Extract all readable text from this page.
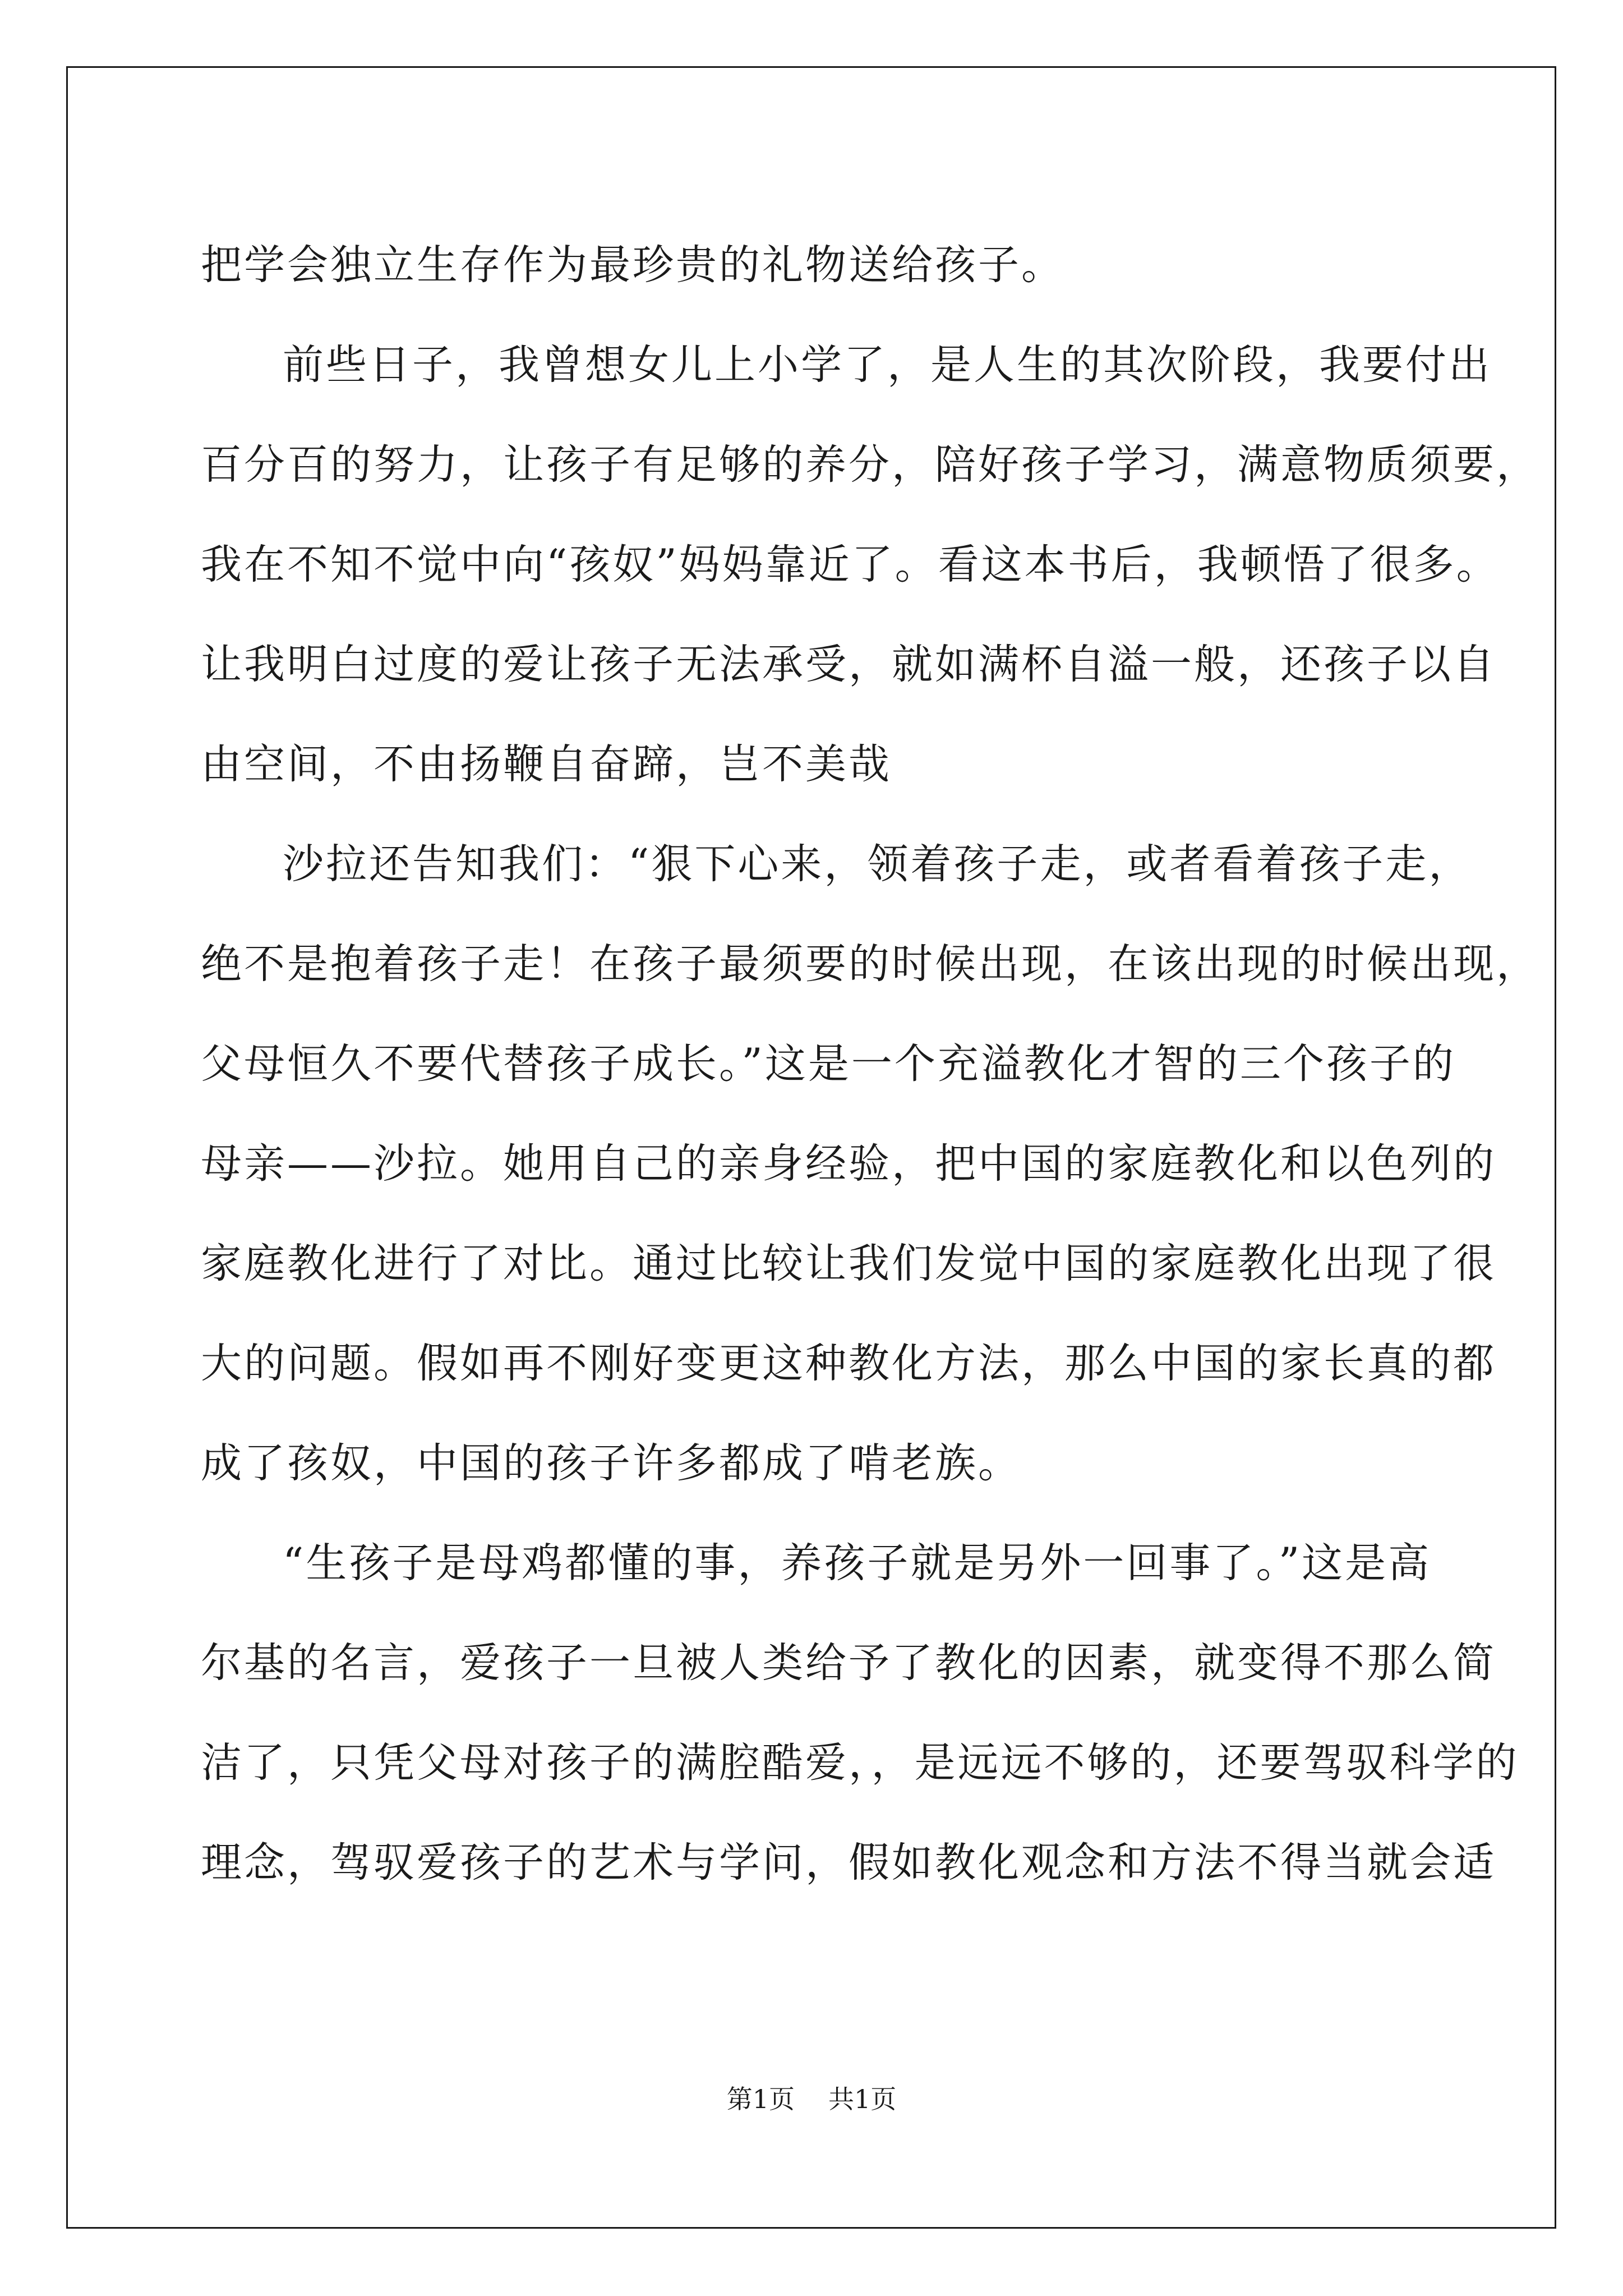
把学会独立生存作为最珍贵的礼物送给孩子。
前些日子，我曾想女儿上小学了，是人生的其次阶段，我要付出
百分百的努力，让孩子有足够的养分，陪好孩子学习，满意物质须要，
我在不知不觉中向“孩奴”妈妈靠近了。看这本书后，我顿悟了很多。
让我明白过度的爱让孩子无法承受，就如满杯自溢一般，还孩子以自
由空间，不由扬鞭自奋蹄，岂不美哉
沙拉还告知我们：“狠下心来，领着孩子走，或者看着孩子走，
绝不是抱着孩子走！在孩子最须要的时候出现，在该出现的时候出现，
父母恒久不要代替孩子成长。”这是一个充溢教化才智的三个孩子的
母亲——沙拉。她用自己的亲身经验，把中国的家庭教化和以色列的
家庭教化进行了对比。通过比较让我们发觉中国的家庭教化出现了很
大的问题。假如再不刚好变更这种教化方法，那么中国的家长真的都
成了孩奴，中国的孩子许多都成了啃老族。
“生孩子是母鸡都懂的事，养孩子就是另外一回事了。”这是高
尔基的名言，爱孩子一旦被人类给予了教化的因素，就变得不那么简
洁了，只凭父母对孩子的满腔酷爱，，是远远不够的，还要驾驭科学的
理念，驾驭爱孩子的艺术与学问，假如教化观念和方法不得当就会适
第1页 共1页
